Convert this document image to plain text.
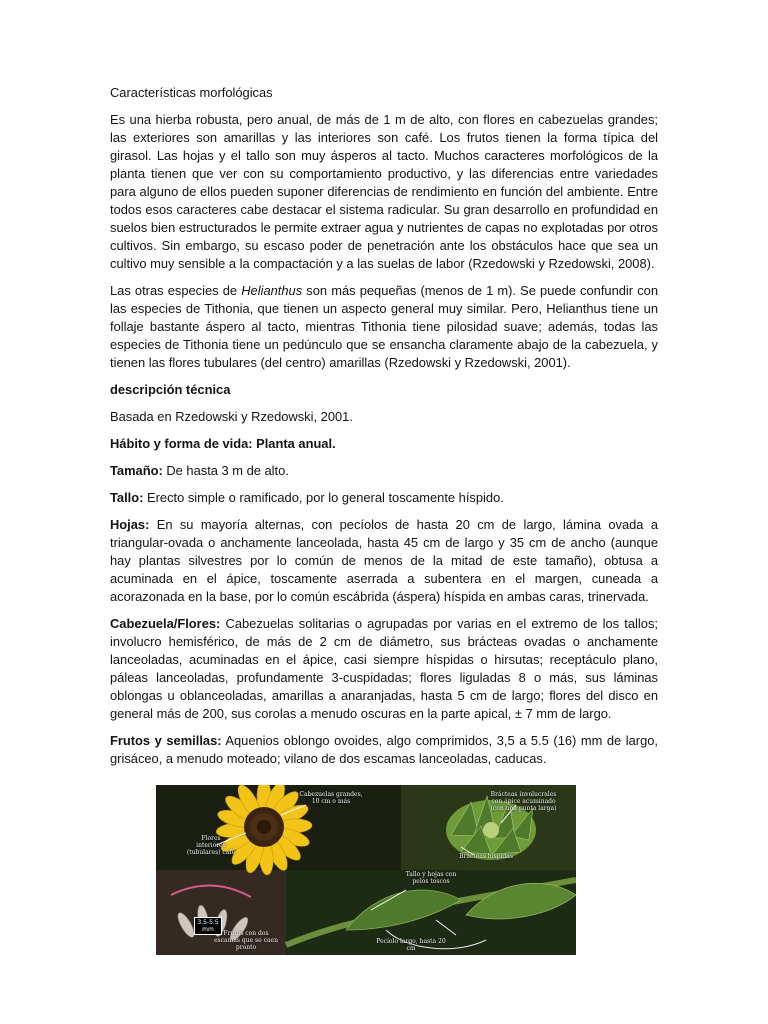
Características morfológicas

Es una hierba robusta, pero anual, de más de 1 m de alto, con flores en cabezuelas grandes; las exteriores son amarillas y las interiores son café. Los frutos tienen la forma típica del girasol. Las hojas y el tallo son muy ásperos al tacto. Muchos caracteres morfológicos de la planta tienen que ver con su comportamiento productivo, y las diferencias entre variedades para alguno de ellos pueden suponer diferencias de rendimiento en función del ambiente. Entre todos esos caracteres cabe destacar el sistema radicular. Su gran desarrollo en profundidad en suelos bien estructurados le permite extraer agua y nutrientes de capas no explotadas por otros cultivos. Sin embargo, su escaso poder de penetración ante los obstáculos hace que sea un cultivo muy sensible a la compactación y a las suelas de labor (Rzedowski y Rzedowski, 2008).

Las otras especies de Helianthus son más pequeñas (menos de 1 m). Se puede confundir con las especies de Tithonia, que tienen un aspecto general muy similar. Pero, Helianthus tiene un follaje bastante áspero al tacto, mientras Tithonia tiene pilosidad suave; además, todas las especies de Tithonia tiene un pedúnculo que se ensancha claramente abajo de la cabezuela, y tienen las flores tubulares (del centro) amarillas (Rzedowski y Rzedowski, 2001).

descripción técnica

Basada en Rzedowski y Rzedowski, 2001.

Hábito y forma de vida: Planta anual.

Tamaño: De hasta 3 m de alto.

Tallo: Erecto simple o ramificado, por lo general toscamente híspido.

Hojas: En su mayoría alternas, con pecíolos de hasta 20 cm de largo, lámina ovada a triangular-ovada o anchamente lanceolada, hasta 45 cm de largo y 35 cm de ancho (aunque hay plantas silvestres por lo común de menos de la mitad de este tamaño), obtusa a acuminada en el ápice, toscamente aserrada a subentera en el margen, cuneada a acorazonada en la base, por lo común escábrida (áspera) híspida en ambas caras, trinervada.

Cabezuela/Flores: Cabezuelas solitarias o agrupadas por varias en el extremo de los tallos; involucro hemisférico, de más de 2 cm de diámetro, sus brácteas ovadas o anchamente lanceoladas, acuminadas en el ápice, casi siempre híspidas o hirsutas; receptáculo plano, páleas lanceoladas, profundamente 3-cuspidadas; flores liguladas 8 o más, sus láminas oblongas u oblanceoladas, amarillas a anaranjadas, hasta 5 cm de largo; flores del disco en general más de 200, sus corolas a menudo oscuras en la parte apical, ± 7 mm de largo.

Frutos y semillas: Aquenios oblongo ovoides, algo comprimidos, 3,5 a 5.5 (16) mm de largo, grisáceo, a menudo moteado; vilano de dos escamas lanceoladas, caducas.

Cabezuelas grandes, 10 cm o más
Flores interiores (tubulares) café
Brácteas involucrales con ápice acuminado (con una punta larga)
Brácteas híspidas
Tallo y hojas con pelos toscos
Pecíolo largo, hasta 20 cm
Frutos con dos escamas que se caen pronto
3.5-5.5 mm
